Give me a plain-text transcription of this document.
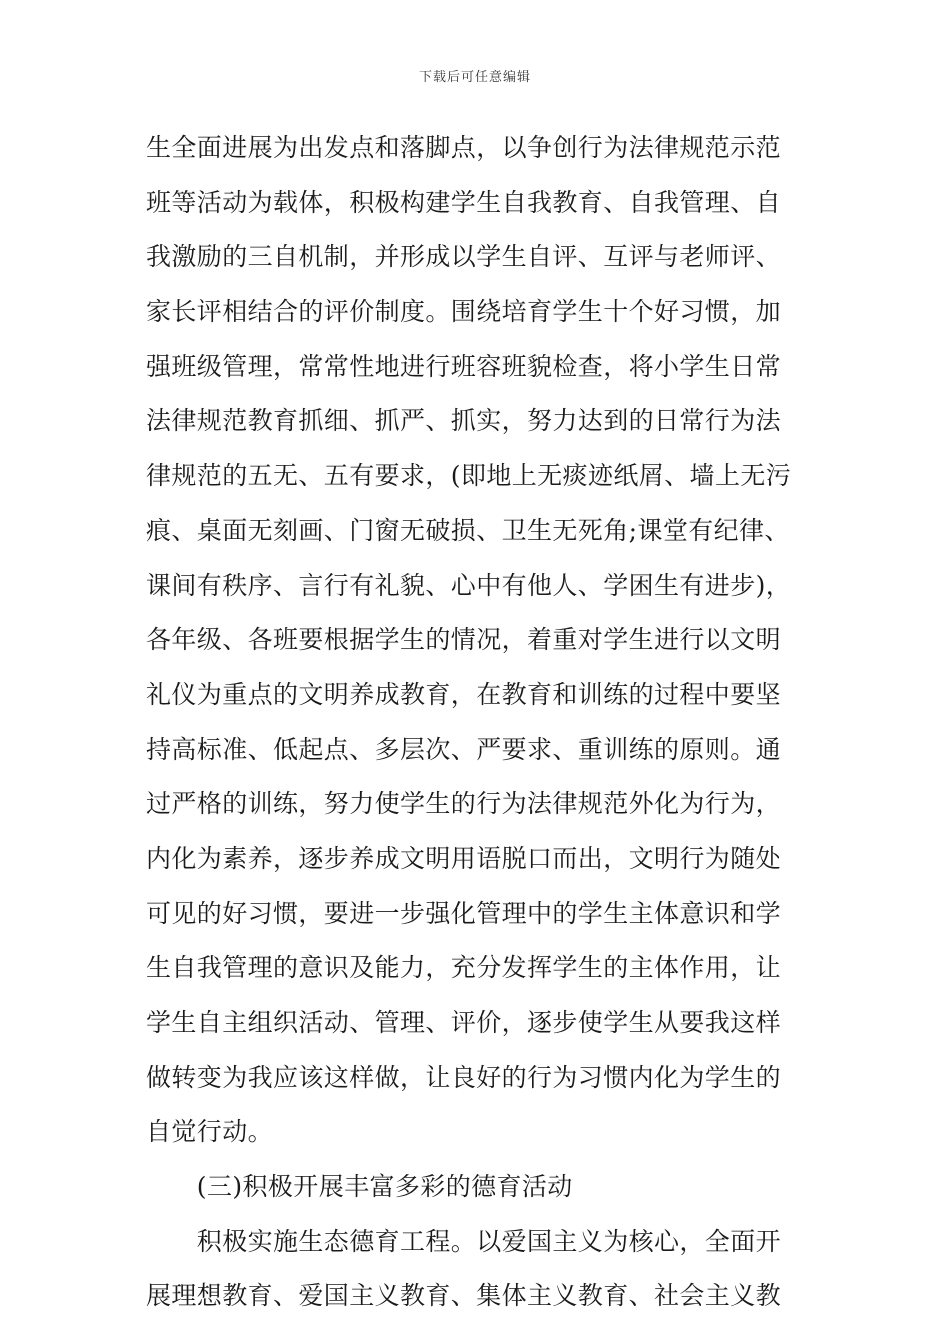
下载后可任意编辑
生全面进展为出发点和落脚点，以争创行为法律规范示范
班等活动为载体，积极构建学生自我教育、自我管理、自
我激励的三自机制，并形成以学生自评、互评与老师评、
家长评相结合的评价制度。围绕培育学生十个好习惯，加
强班级管理，常常性地进行班容班貌检查，将小学生日常
法律规范教育抓细、抓严、抓实，努力达到的日常行为法
律规范的五无、五有要求，(即地上无痰迹纸屑、墙上无污
痕、桌面无刻画、门窗无破损、卫生无死角;课堂有纪律、
课间有秩序、言行有礼貌、心中有他人、学困生有进步)，
各年级、各班要根据学生的情况，着重对学生进行以文明
礼仪为重点的文明养成教育，在教育和训练的过程中要坚
持高标准、低起点、多层次、严要求、重训练的原则。通
过严格的训练，努力使学生的行为法律规范外化为行为，
内化为素养，逐步养成文明用语脱口而出，文明行为随处
可见的好习惯，要进一步强化管理中的学生主体意识和学
生自我管理的意识及能力，充分发挥学生的主体作用，让
学生自主组织活动、管理、评价，逐步使学生从要我这样
做转变为我应该这样做，让良好的行为习惯内化为学生的
自觉行动。
　　(三)积极开展丰富多彩的德育活动
　　积极实施生态德育工程。以爱国主义为核心，全面开
展理想教育、爱国主义教育、集体主义教育、社会主义教
